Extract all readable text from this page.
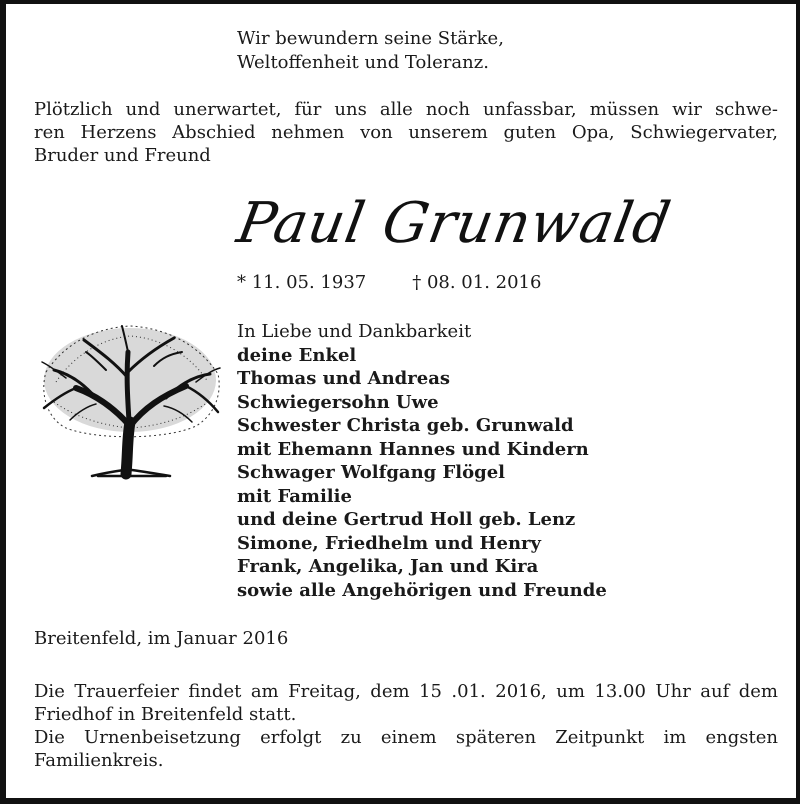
Wir bewundern seine Stärke,
Weltoffenheit und Toleranz.
Plötzlich und unerwartet, für uns alle noch unfassbar, müssen wir schwe-
ren Herzens Abschied nehmen von unserem guten Opa, Schwiegervater,
Bruder und Freund
Paul Grunwald
* 11. 05. 1937	† 08. 01. 2016
In Liebe und Dankbarkeit
deine Enkel
Thomas und Andreas
Schwiegersohn Uwe
Schwester Christa geb. Grunwald
mit Ehemann Hannes und Kindern
Schwager Wolfgang Flögel
mit Familie
und deine Gertrud Holl geb. Lenz
Simone, Friedhelm und Henry
Frank, Angelika, Jan und Kira
sowie alle Angehörigen und Freunde
Breitenfeld, im Januar 2016
Die Trauerfeier findet am Freitag, dem 15 .01. 2016, um 13.00 Uhr auf dem
Friedhof in Breitenfeld statt.
Die Urnenbeisetzung erfolgt zu einem späteren Zeitpunkt im engsten
Familienkreis.
